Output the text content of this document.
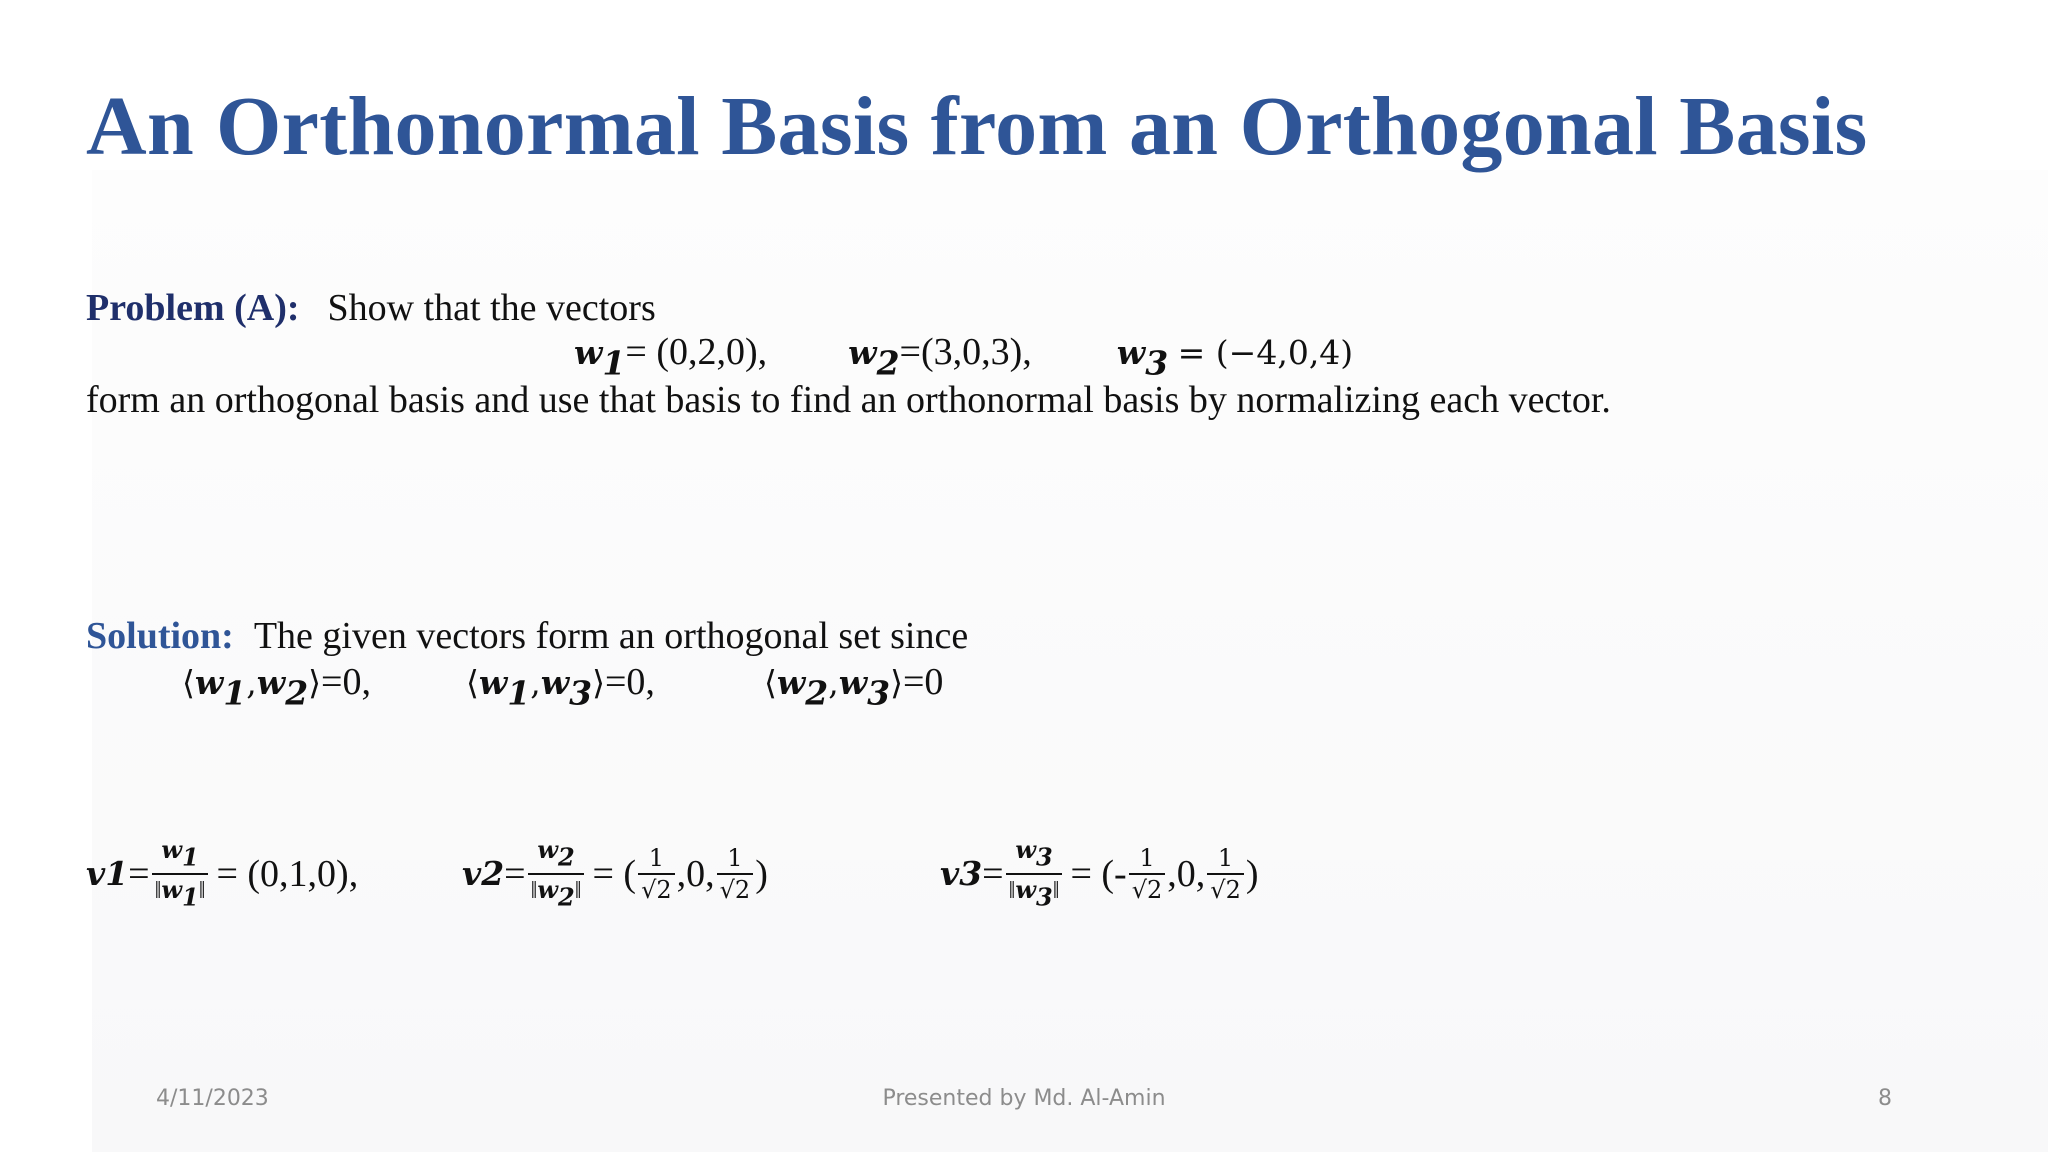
An Orthonormal Basis from an Orthogonal Basis
Problem (A): Show that the vectors
$w_1= (0,2,0)$, $w_2=(3,0,3)$,	$w_3 = (-4,0,4)$
form an orthogonal basis and use that basis to find an orthonormal basis by normalizing each vector.
Solution: The given vectors form an orthogonal set since
$⟨w_1,w_2⟩=0$,	$⟨w_1,w_3⟩=0$,	$⟨w_2,w_3⟩=0$
v $1 = \frac{w_1}{‖w_1‖} = (0,1,0)$,	v $2 = \frac{w_2}{‖w_2‖}$ = ( $\frac{1}{√2} ,0$, $\frac{1}{√2}$ )	v $3 = \frac{w_3}{‖w_3‖}$ = (- $\frac{1}{√2} ,0$, $\frac{1}{√2}$ )
4/11/2023	Presented by Md. Al-Amin	8
